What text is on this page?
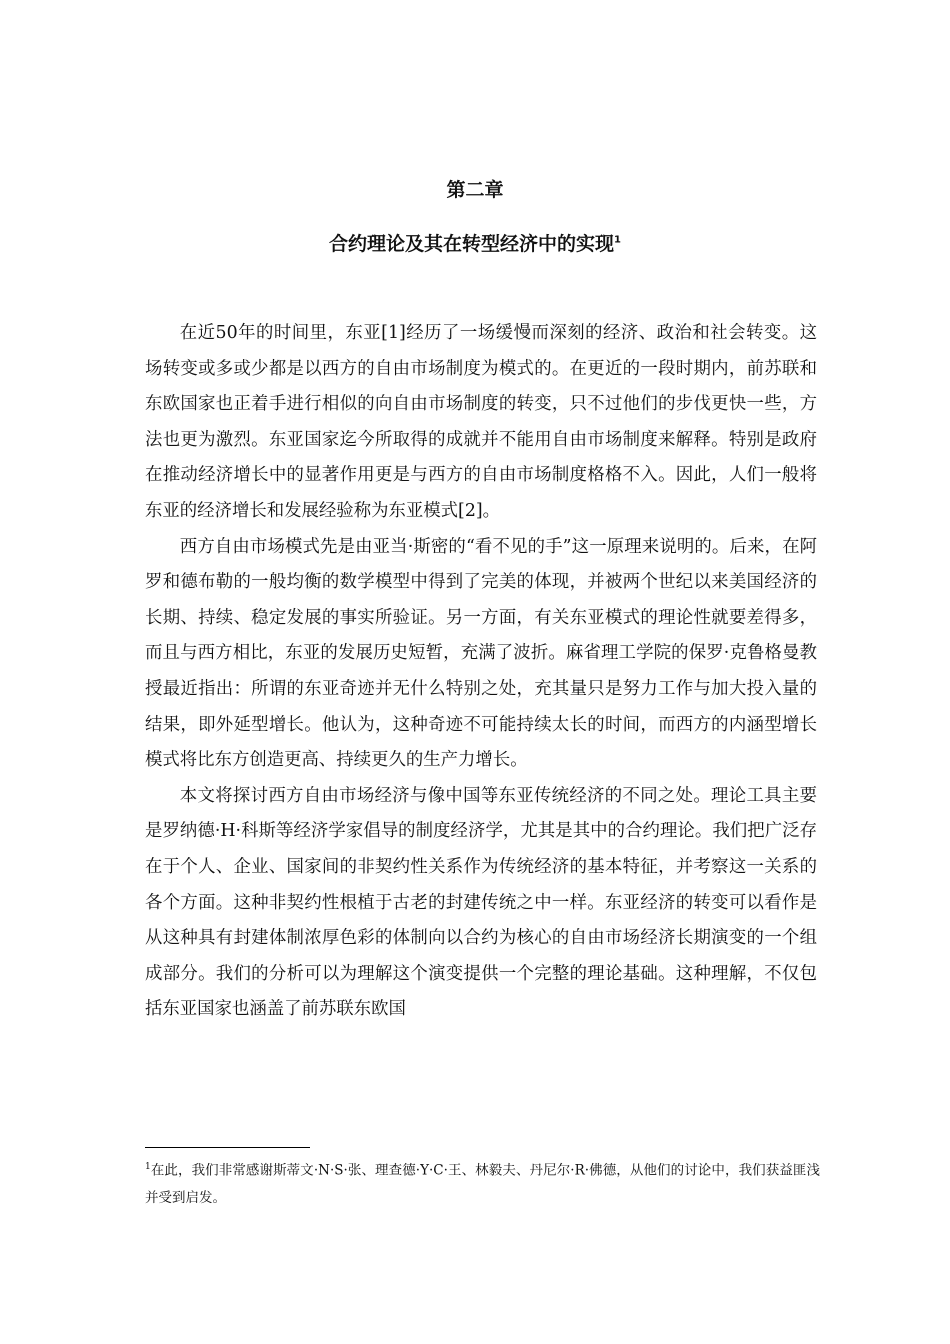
第二章
合约理论及其在转型经济中的实现$^1$

在近50年的时间里，东亚[1]经历了一场缓慢而深刻的经济、政治和社会转变。这场转变或多或少都是以西方的自由市场制度为模式的。在更近的一段时期内，前苏联和东欧国家也正着手进行相似的向自由市场制度的转变，只不过他们的步伐更快一些，方法也更为激烈。东亚国家迄今所取得的成就并不能用自由市场制度来解释。特别是政府在推动经济增长中的显著作用更是与西方的自由市场制度格格不入。因此，人们一般将东亚的经济增长和发展经验称为东亚模式[2]。

西方自由市场模式先是由亚当·斯密的“看不见的手”这一原理来说明的。后来，在阿罗和德布勒的一般均衡的数学模型中得到了完美的体现，并被两个世纪以来美国经济的长期、持续、稳定发展的事实所验证。另一方面，有关东亚模式的理论性就要差得多，而且与西方相比，东亚的发展历史短暂，充满了波折。麻省理工学院的保罗·克鲁格曼教授最近指出：所谓的东亚奇迹并无什么特别之处，充其量只是努力工作与加大投入量的结果，即外延型增长。他认为，这种奇迹不可能持续太长的时间，而西方的内涵型增长模式将比东方创造更高、持续更久的生产力增长。

本文将探讨西方自由市场经济与像中国等东亚传统经济的不同之处。理论工具主要是罗纳德·H·科斯等经济学家倡导的制度经济学，尤其是其中的合约理论。我们把广泛存在于个人、企业、国家间的非契约性关系作为传统经济的基本特征，并考察这一关系的各个方面。这种非契约性根植于古老的封建传统之中一样。东亚经济的转变可以看作是从这种具有封建体制浓厚色彩的体制向以合约为核心的自由市场经济长期演变的一个组成部分。我们的分析可以为理解这个演变提供一个完整的理论基础。这种理解，不仅包括东亚国家也涵盖了前苏联东欧国

$^1$在此，我们非常感谢斯蒂文·N·S·张、理查德·Y·C·王、林毅夫、丹尼尔·R·佛德，从他们的讨论中，我们获益匪浅并受到启发。
